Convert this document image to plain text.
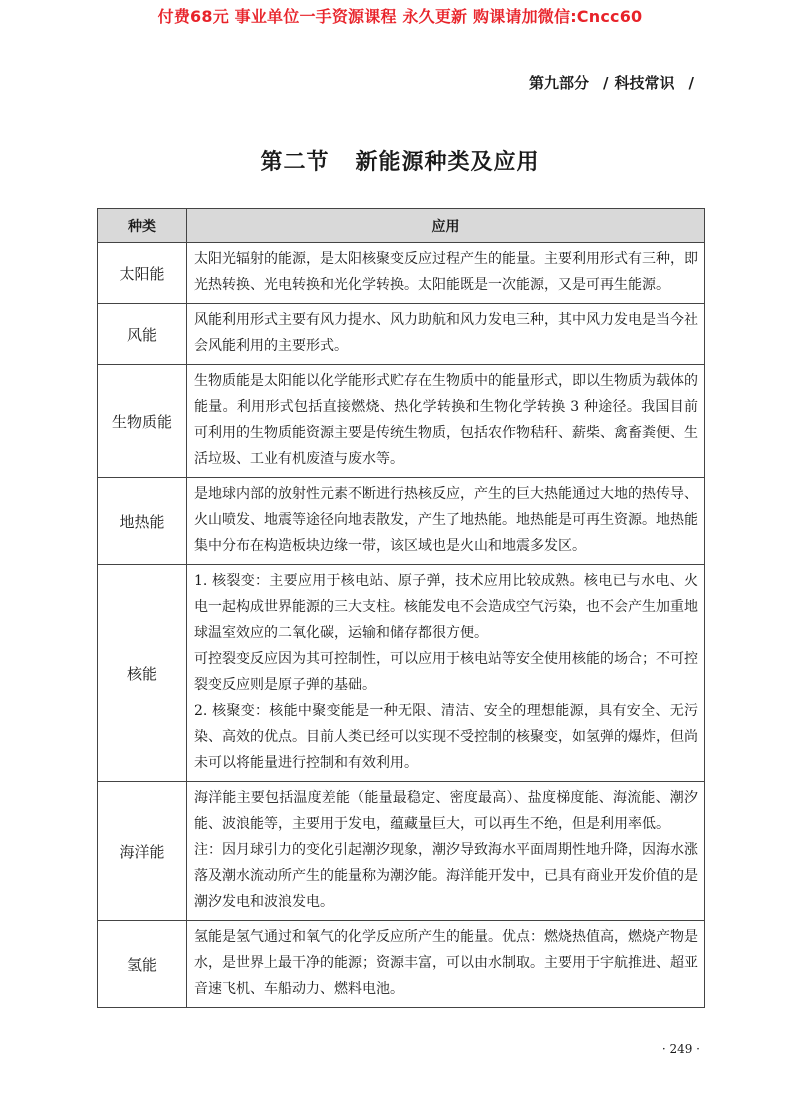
付费68元 事业单位一手资源课程 永久更新 购课请加微信:Cncc60
第九部分 / 科技常识 /
第二节 新能源种类及应用
种类	应用
太阳能	太阳光辐射的能源，是太阳核聚变反应过程产生的能量。主要利用形式有三种，即光热转换、光电转换和光化学转换。太阳能既是一次能源，又是可再生能源。

风能	风能利用形式主要有风力提水、风力助航和风力发电三种，其中风力发电是当今社会风能利用的主要形式。

生物质能	生物质能是太阳能以化学能形式贮存在生物质中的能量形式，即以生物质为载体的能量。利用形式包括直接燃烧、热化学转换和生物化学转换 3 种途径。我国目前可利用的生物质能资源主要是传统生物质，包括农作物秸秆、薪柴、禽畜粪便、生活垃圾、工业有机废渣与废水等。

地热能	是地球内部的放射性元素不断进行热核反应，产生的巨大热能通过大地的热传导、火山喷发、地震等途径向地表散发，产生了地热能。地热能是可再生资源。地热能集中分布在构造板块边缘一带，该区域也是火山和地震多发区。

核能	1. 核裂变：主要应用于核电站、原子弹，技术应用比较成熟。核电已与水电、火电一起构成世界能源的三大支柱。核能发电不会造成空气污染，也不会产生加重地球温室效应的二氧化碳，运输和储存都很方便。

可控裂变反应因为其可控制性，可以应用于核电站等安全使用核能的场合；不可控裂变反应则是原子弹的基础。

2. 核聚变：核能中聚变能是一种无限、清洁、安全的理想能源，具有安全、无污染、高效的优点。目前人类已经可以实现不受控制的核聚变，如氢弹的爆炸，但尚未可以将能量进行控制和有效利用。

海洋能	海洋能主要包括温度差能（能量最稳定、密度最高）、盐度梯度能、海流能、潮汐能、波浪能等，主要用于发电，蕴藏量巨大，可以再生不绝，但是利用率低。

注：因月球引力的变化引起潮汐现象，潮汐导致海水平面周期性地升降，因海水涨落及潮水流动所产生的能量称为潮汐能。海洋能开发中，已具有商业开发价值的是潮汐发电和波浪发电。

氢能	氢能是氢气通过和氧气的化学反应所产生的能量。优点：燃烧热值高，燃烧产物是水，是世界上最干净的能源；资源丰富，可以由水制取。主要用于宇航推进、超亚音速飞机、车船动力、燃料电池。

· 249 ·
